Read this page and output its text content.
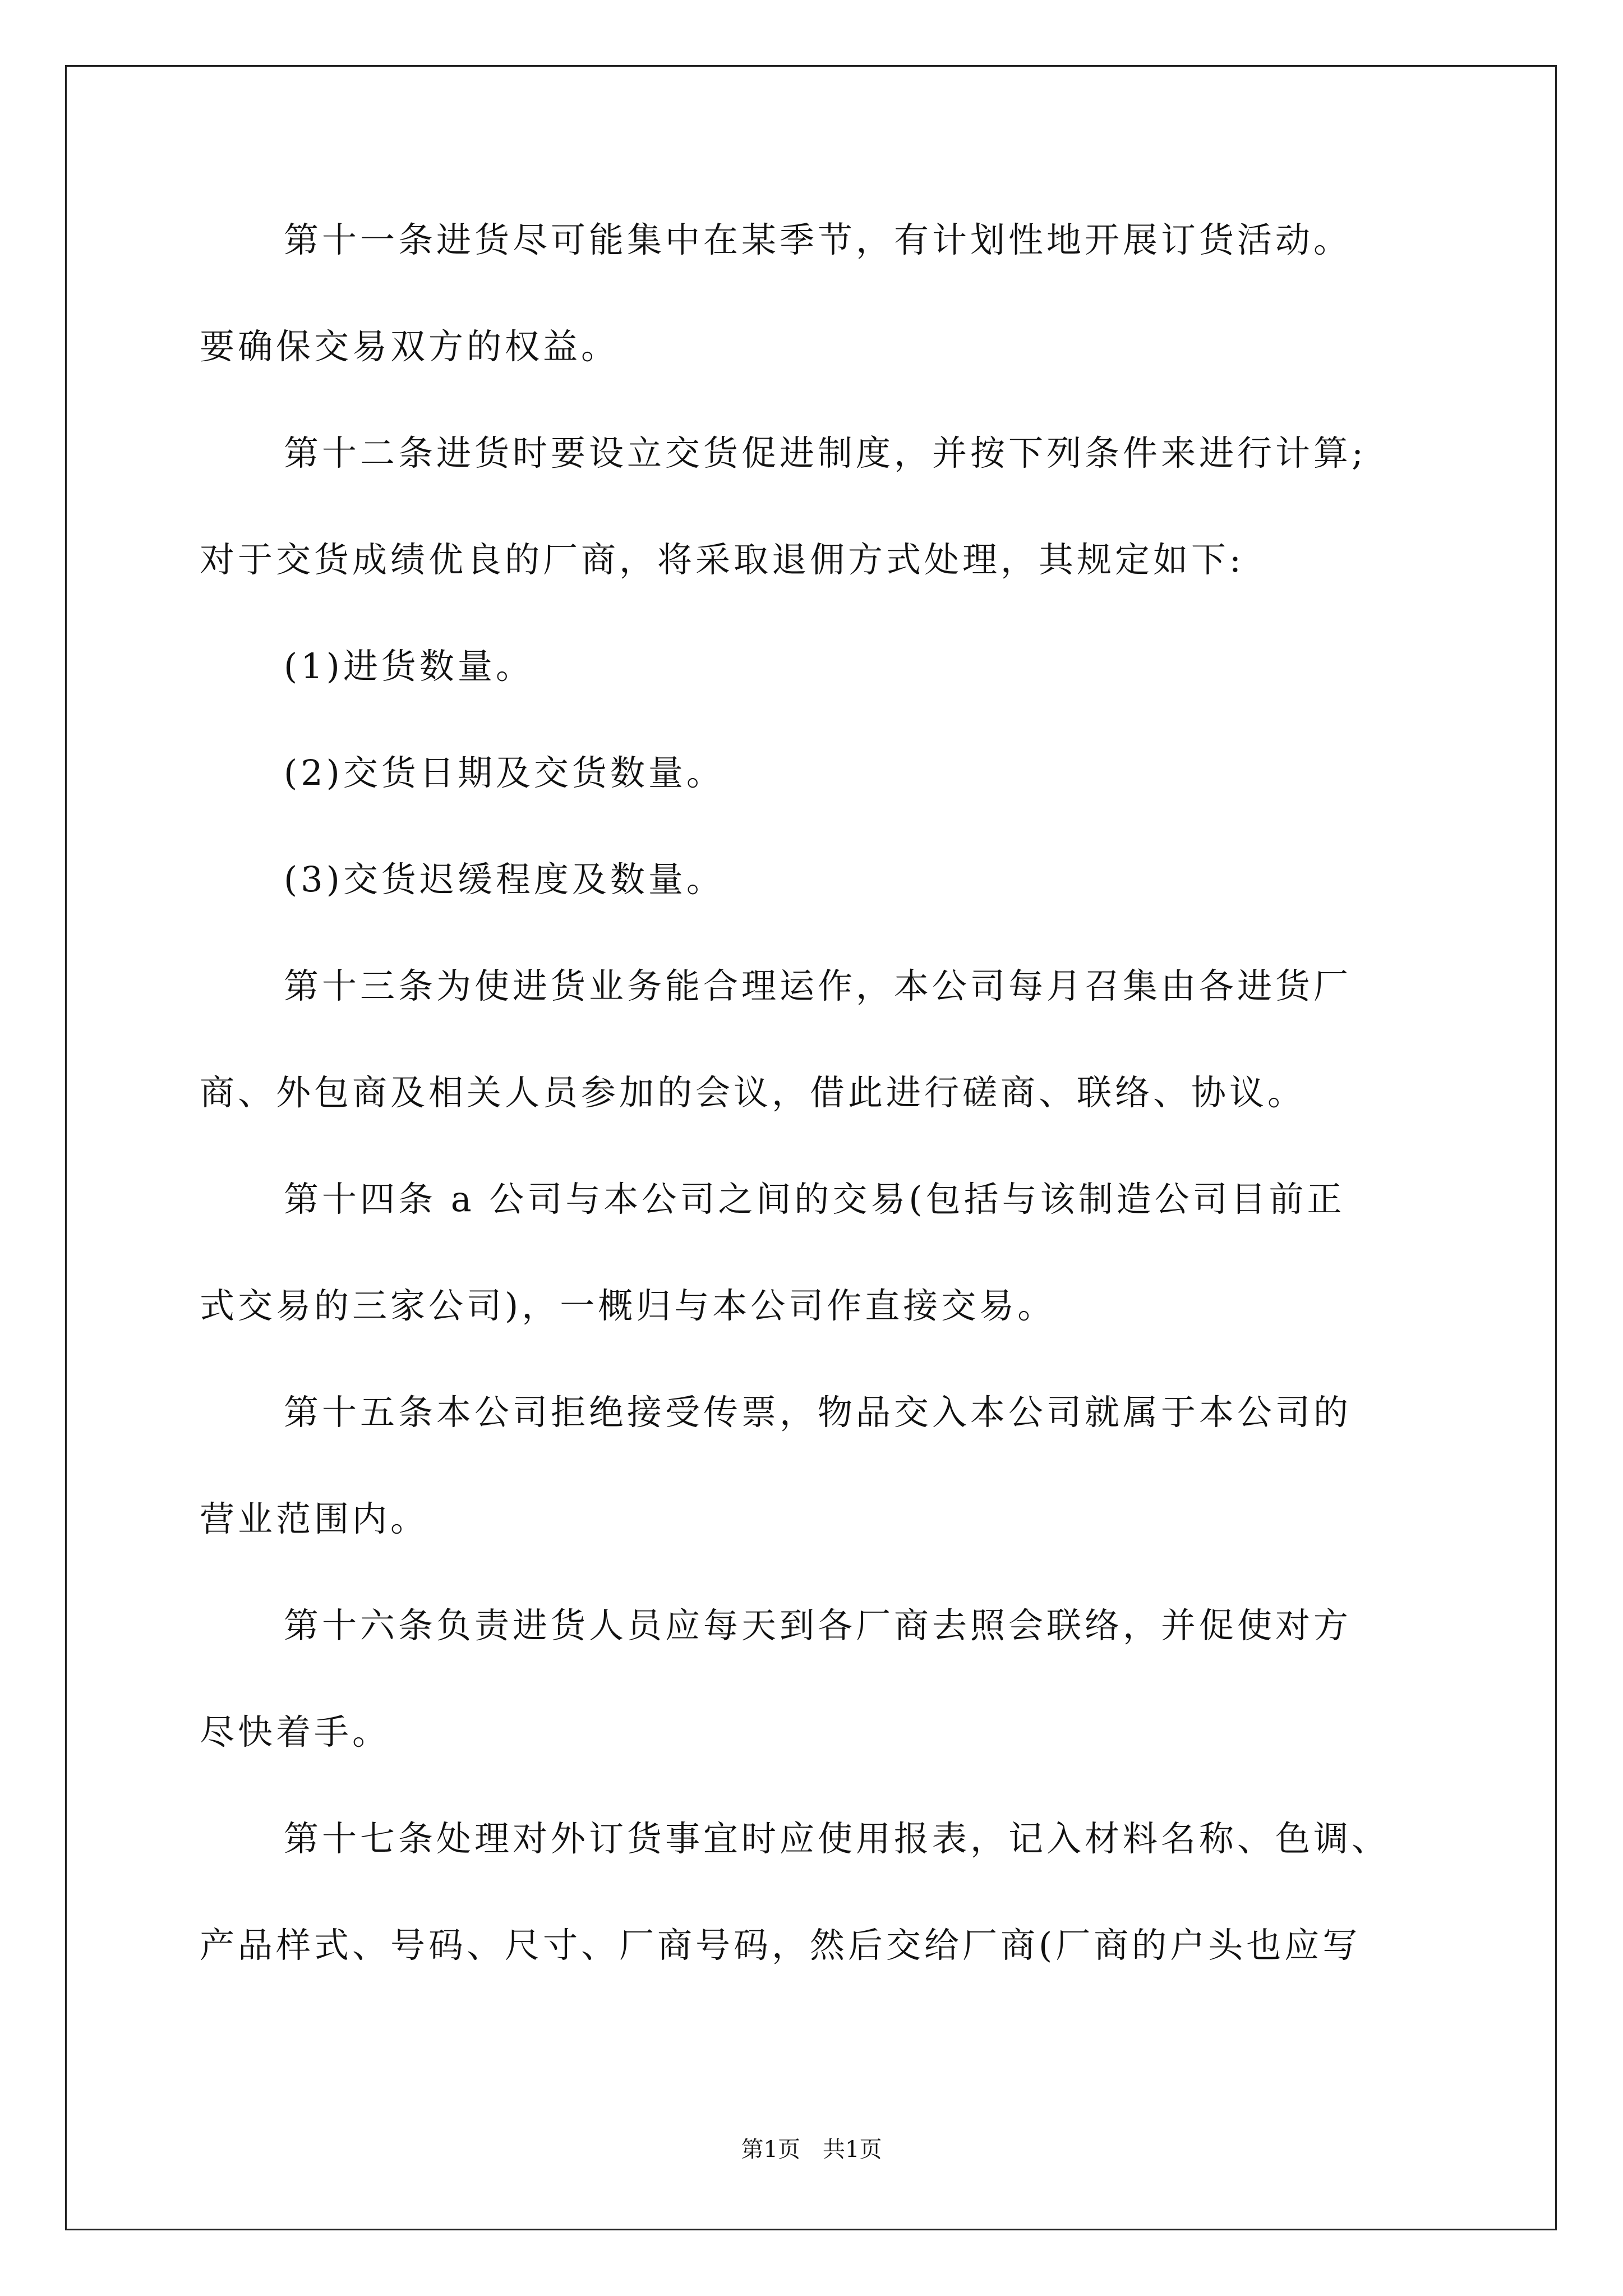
第十一条进货尽可能集中在某季节，有计划性地开展订货活动。
要确保交易双方的权益。
第十二条进货时要设立交货促进制度，并按下列条件来进行计算;
对于交货成绩优良的厂商，将采取退佣方式处理，其规定如下:
(1)进货数量。
(2)交货日期及交货数量。
(3)交货迟缓程度及数量。
第十三条为使进货业务能合理运作，本公司每月召集由各进货厂
商、外包商及相关人员参加的会议，借此进行磋商、联络、协议。
第十四条 a 公司与本公司之间的交易(包括与该制造公司目前正
式交易的三家公司)，一概归与本公司作直接交易。
第十五条本公司拒绝接受传票，物品交入本公司就属于本公司的
营业范围内。
第十六条负责进货人员应每天到各厂商去照会联络，并促使对方
尽快着手。
第十七条处理对外订货事宜时应使用报表，记入材料名称、色调、
产品样式、号码、尺寸、厂商号码，然后交给厂商(厂商的户头也应写
第1页　共1页
